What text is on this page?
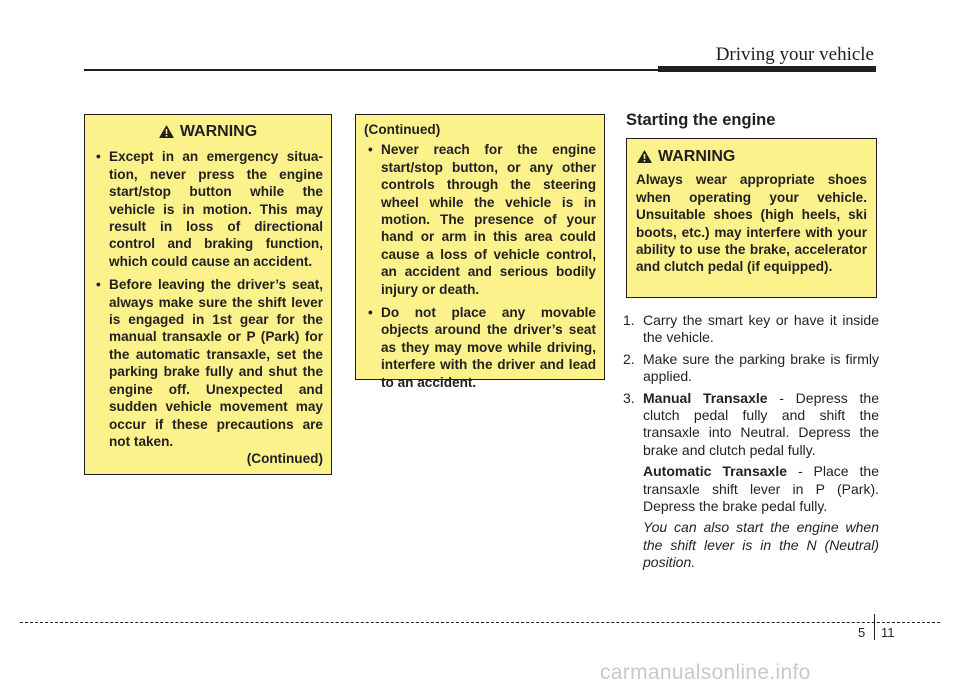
Driving your vehicle
WARNING
• Except in an emergency situation, never press the engine start/stop button while the vehicle is in motion. This may result in loss of directional control and braking function, which could cause an accident.
• Before leaving the driver’s seat, always make sure the shift lever is engaged in 1st gear for the manual transaxle or P (Park) for the automatic transaxle, set the parking brake fully and shut the engine off. Unexpected and sudden vehicle movement may occur if these precautions are not taken.
(Continued)
(Continued)
• Never reach for the engine start/stop button, or any other controls through the steering wheel while the vehicle is in motion. The presence of your hand or arm in this area could cause a loss of vehicle control, an accident and serious bodily injury or death.
• Do not place any movable objects around the driver’s seat as they may move while driving, interfere with the driver and lead to an accident.
Starting the engine
WARNING
Always wear appropriate shoes when operating your vehicle. Unsuitable shoes (high heels, ski boots, etc.) may interfere with your ability to use the brake, accelerator and clutch pedal (if equipped).
1. Carry the smart key or have it inside the vehicle.
2. Make sure the parking brake is firmly applied.
3. Manual Transaxle - Depress the clutch pedal fully and shift the transaxle into Neutral. Depress the brake and clutch pedal fully.
Automatic Transaxle - Place the transaxle shift lever in P (Park). Depress the brake pedal fully.
You can also start the engine when the shift lever is in the N (Neutral) position.
5 11
carmanualsonline.info
